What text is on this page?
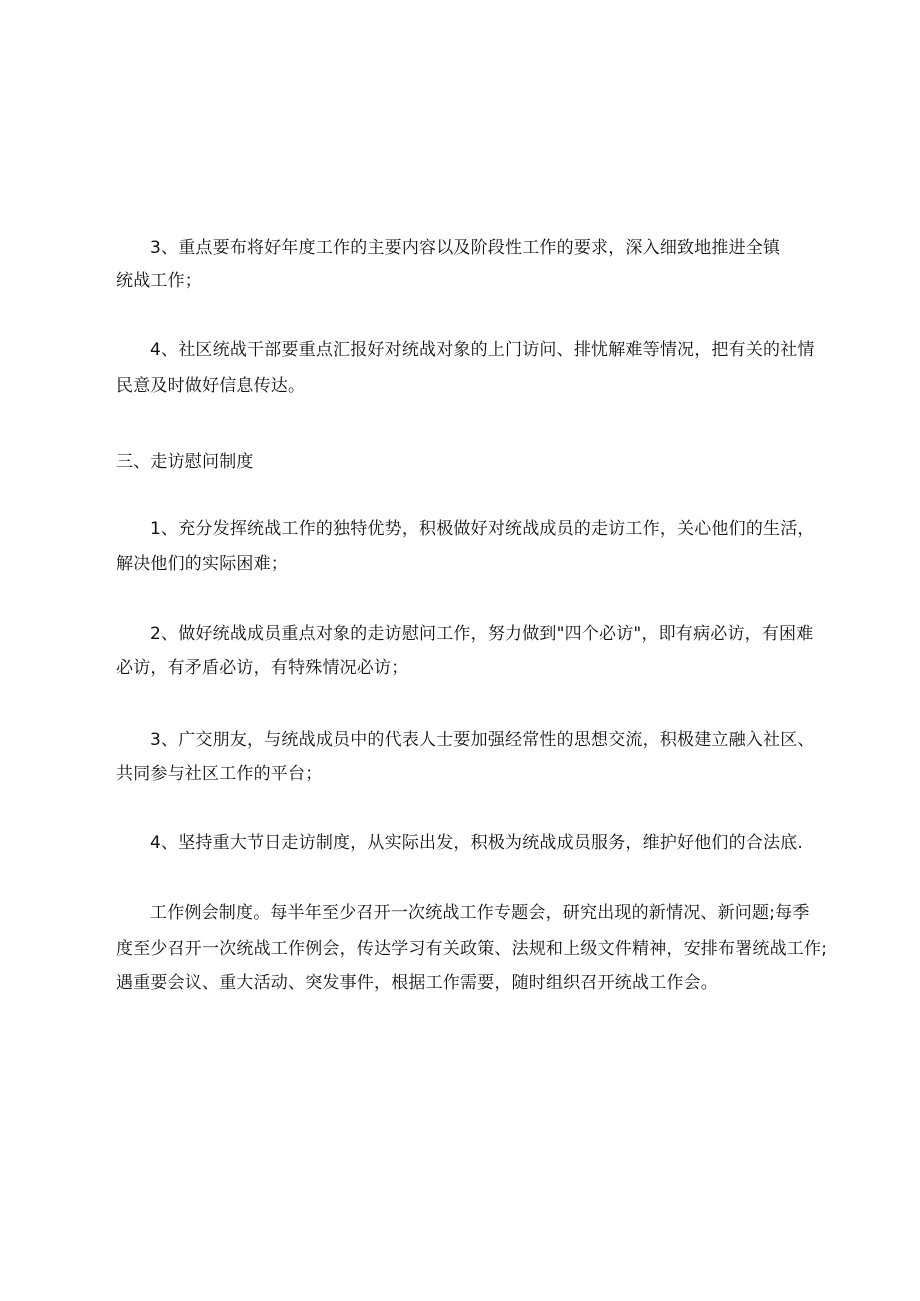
3、重点要布将好年度工作的主要内容以及阶段性工作的要求，深入细致地推进全镇
统战工作；
4、社区统战干部要重点汇报好对统战对象的上门访问、排忧解难等情况，把有关的社情
民意及时做好信息传达。
三、走访慰问制度
1、充分发挥统战工作的独特优势，积极做好对统战成员的走访工作，关心他们的生活，
解决他们的实际困难；
2、做好统战成员重点对象的走访慰问工作，努力做到"四个必访"，即有病必访，有困难
必访，有矛盾必访，有特殊情况必访；
3、广交朋友，与统战成员中的代表人士要加强经常性的思想交流，积极建立融入社区、
共同参与社区工作的平台；
4、坚持重大节日走访制度，从实际出发，积极为统战成员服务，维护好他们的合法底.
工作例会制度。每半年至少召开一次统战工作专题会，研究出现的新情况、新问题;每季
度至少召开一次统战工作例会，传达学习有关政策、法规和上级文件精神，安排布署统战工作;
遇重要会议、重大活动、突发事件，根据工作需要，随时组织召开统战工作会。
